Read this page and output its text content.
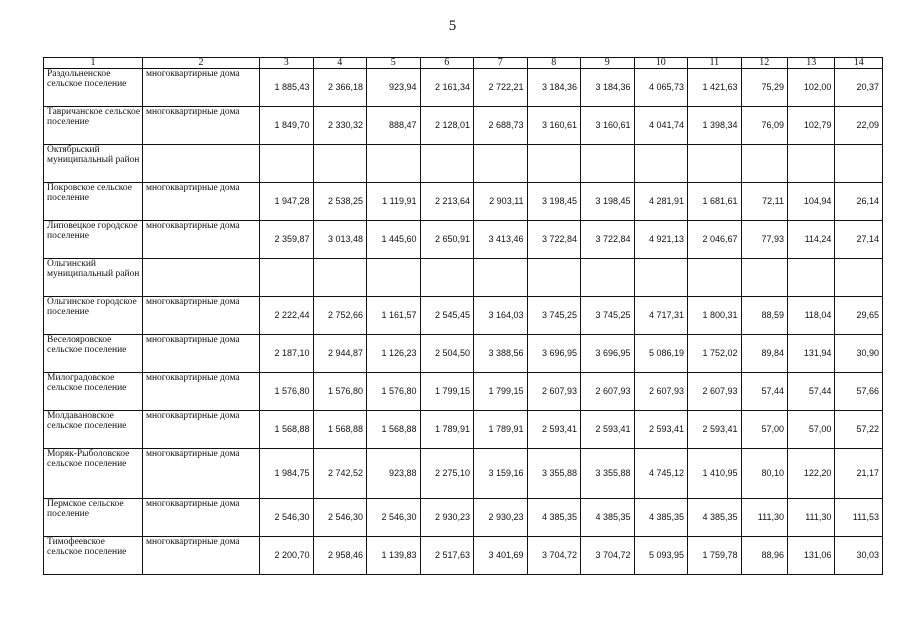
5
1	2	3	4	5	6	7	8	9	10	11	12	13	14
Раздольненское сельское поселение	многоквартирные дома	1 885,43	2 366,18	923,94	2 161,34	2 722,21	3 184,36	3 184,36	4 065,73	1 421,63	75,29	102,00	20,37
Тавричанское сельское поселение	многоквартирные дома	1 849,70	2 330,32	888,47	2 128,01	2 688,73	3 160,61	3 160,61	4 041,74	1 398,34	76,09	102,79	22,09
Октябрьский муниципальный район													
Покровское сельское поселение	многоквартирные дома	1 947,28	2 538,25	1 119,91	2 213,64	2 903,11	3 198,45	3 198,45	4 281,91	1 681,61	72,11	104,94	26,14
Липовецкое городское поселение	многоквартирные дома	2 359,87	3 013,48	1 445,60	2 650,91	3 413,46	3 722,84	3 722,84	4 921,13	2 046,67	77,93	114,24	27,14
Ольгинский муниципальный район													
Ольгинское городское поселение	многоквартирные дома	2 222,44	2 752,66	1 161,57	2 545,45	3 164,03	3 745,25	3 745,25	4 717,31	1 800,31	88,59	118,04	29,65
Веселояровское сельское поселение	многоквартирные дома	2 187,10	2 944,87	1 126,23	2 504,50	3 388,56	3 696,95	3 696,95	5 086,19	1 752,02	89,84	131,94	30,90
Милоградовское сельское поселение	многоквартирные дома	1 576,80	1 576,80	1 576,80	1 799,15	1 799,15	2 607,93	2 607,93	2 607,93	2 607,93	57,44	57,44	57,66
Молдавановское сельское поселение	многоквартирные дома	1 568,88	1 568,88	1 568,88	1 789,91	1 789,91	2 593,41	2 593,41	2 593,41	2 593,41	57,00	57,00	57,22
Моряк-Рыболовское сельское поселение	многоквартирные дома	1 984,75	2 742,52	923,88	2 275,10	3 159,16	3 355,88	3 355,88	4 745,12	1 410,95	80,10	122,20	21,17
Пермское сельское поселение	многоквартирные дома	2 546,30	2 546,30	2 546,30	2 930,23	2 930,23	4 385,35	4 385,35	4 385,35	4 385,35	111,30	111,30	111,53
Тимофеевское сельское поселение	многоквартирные дома	2 200,70	2 958,46	1 139,83	2 517,63	3 401,69	3 704,72	3 704,72	5 093,95	1 759,78	88,96	131,06	30,03
